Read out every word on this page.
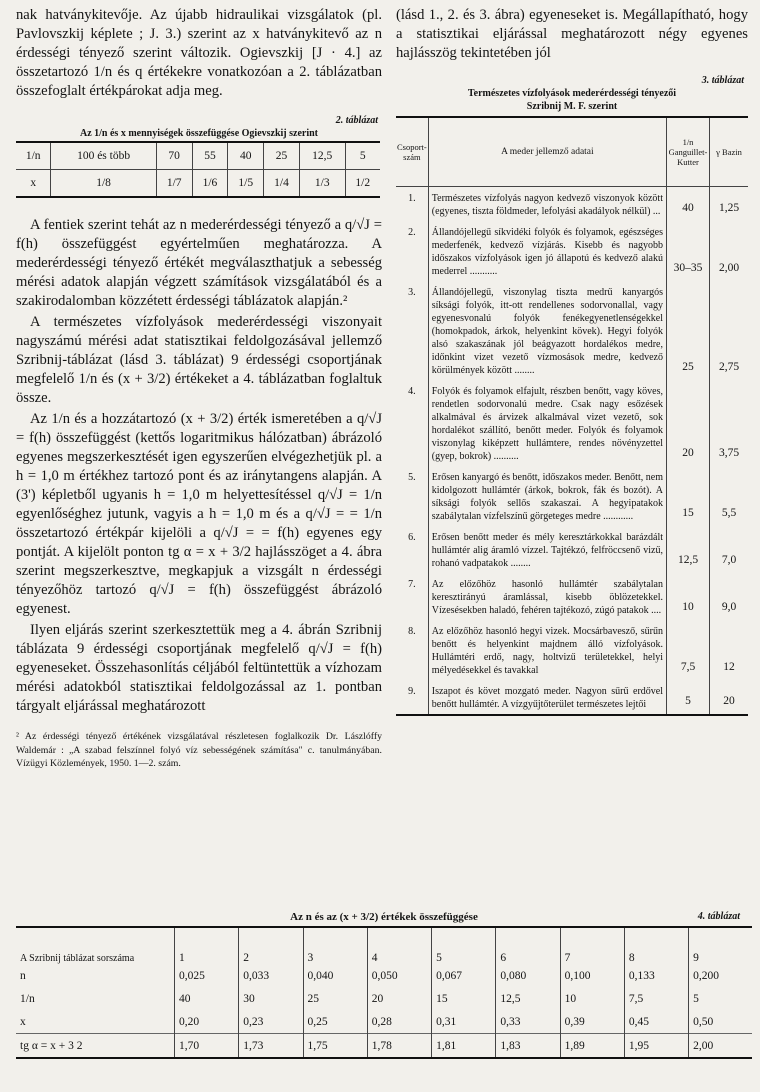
nak hatványkitevője. Az újabb hidraulikai vizsgálatok (pl. Pavlovszkij képlete ; J. 3.) szerint az x hatványkitevő az n érdességi tényező szerint változik. Ogievszkij [J · 4.] az összetartozó 1/n és q értékekre vonatkozóan a 2. táblázatban összefoglalt értékpárokat adja meg.

2. táblázat
Az 1/n és x mennyiségek összefüggése Ogievszkij szerint
1/n	100 és több	70	55	40	25	12,5	5
x	1/8	1/7	1/6	1/5	1/4	1/3	1/2

A fentiek szerint tehát az n mederérdességi tényező a q/√J = f(h) összefüggést egyértelműen meghatározza. A mederérdességi tényező értékét megválaszthatjuk a sebesség mérési adatok alapján végzett számítások vizsgálatából és a szakirodalomban közzétett érdességi táblázatok alapján.²

A természetes vízfolyások mederérdességi viszonyait nagyszámú mérési adat statisztikai feldolgozásával jellemző Szribnij-táblázat (lásd 3. táblázat) 9 érdességi csoportjának megfelelő 1/n és (x + 3/2) értékeket a 4. táblázatban foglaltuk össze.

Az 1/n és a hozzátartozó (x + 3/2) érték ismeretében a q/√J = f(h) összefüggést (kettős logaritmikus hálózatban) ábrázoló egyenes megszerkesztését igen egyszerűen elvégezhetjük pl. a h = 1,0 m értékhez tartozó pont és az iránytangens alapján. A (3') képletből ugyanis h = 1,0 m helyettesítéssel q/√J = 1/n egyenlőséghez jutunk, vagyis a h = 1,0 m és a q/√J = = 1/n összetartozó értékpár kijelöli a q/√J = = f(h) egyenes egy pontját. A kijelölt ponton tg α = x + 3/2 hajlásszöget a 4. ábra szerint megszerkesztve, megkapjuk a vizsgált n érdességi tényezőhöz tartozó q/√J = f(h) összefüggést ábrázoló egyenest.

Ilyen eljárás szerint szerkesztettük meg a 4. ábrán Szribnij táblázata 9 érdességi csoportjának megfelelő q/√J = f(h) egyeneseket. Összehasonlítás céljából feltüntettük a vízhozam mérési adatokból statisztikai feldolgozással az 1. pontban tárgyalt eljárással meghatározott

² Az érdességi tényező értékének vizsgálatával részletesen foglalkozik Dr. Lászlóffy Waldemár : „A szabad felszínnel folyó víz sebességének számítása" c. tanulmányában. Vízügyi Közlemények, 1950. 1—2. szám.

(lásd 1., 2. és 3. ábra) egyeneseket is. Megállapítható, hogy a statisztikai eljárással meghatározott négy egyenes hajlásszög tekintetében jól

3. táblázat
Természetes vízfolyások mederérdességi tényezői
Szribnij M. F. szerint
Csoport-szám	A meder jellemző adatai	1/n Ganguillet-Kutter	γ Bazin
1.	Természetes vízfolyás nagyon kedvező viszonyok között (egyenes, tiszta földmeder, lefolyási akadályok nélkül) ...	40	1,25
2.	Állandójellegű síkvidéki folyók és folyamok, egészséges mederfenék, kedvező vízjárás. Kisebb és nagyobb időszakos vízfolyások igen jó állapotú és kedvező alakú mederrel ...........	30–35	2,00
3.	Állandójellegű, viszonylag tiszta medrű kanyargós síksági folyók, itt-ott rendellenes sodorvonallal, vagy egyenesvonalú folyók fenékegyenetlenségekkel (homokpadok, árkok, helyenkint kövek). Hegyi folyók alsó szakaszának jól beágyazott hordalékos medre, időnkint vizet vezető vízmosások medre, kedvező körülmények között ........	25	2,75
4.	Folyók és folyamok elfajult, részben benőtt, vagy köves, rendetlen sodorvonalú medre. Csak nagy esőzések alkalmával és árvizek alkalmával vizet vezető, sok hordalékot szállító, benőtt meder. Folyók és folyamok viszonylag kiképzett hullámtere, rendes növényzettel (gyep, bokrok) ..........	20	3,75
5.	Erősen kanyargó és benőtt, időszakos meder. Benőtt, nem kidolgozott hullámtér (árkok, bokrok, fák és bozót). A síksági folyók sellős szakaszai. A hegyipatakok szabálytalan vízfelszínű görgeteges medre ............	15	5,5
6.	Erősen benőtt meder és mély keresztárkokkal barázdált hullámtér alig áramló vízzel. Tajtékzó, felfröccsenő vizű, rohanó vadpatakok ........	12,5	7,0
7.	Az előzőhöz hasonló hullámtér szabálytalan keresztirányú áramlással, kisebb öblözetekkel. Vízesésekben haladó, fehéren tajtékozó, zúgó patakok ....	10	9,0
8.	Az előzőhöz hasonló hegyi vizek. Mocsárbavesző, sűrűn benőtt és helyenkint majdnem álló vízfolyások. Hullámtéri erdő, nagy, holtvizű területekkel, helyi mélyedésekkel és tavakkal	7,5	12
9.	Iszapot és követ mozgató meder. Nagyon sűrű erdővel benőtt hullámtér. A vízgyűjtőterület természetes lejtői	5	20
Az n és az (x + 3/2) értékek összefüggése	4. táblázat
A Szribnij táblázat sorszáma	1	2	3	4	5	6	7	8	9
n	0,025	0,033	0,040	0,050	0,067	0,080	0,100	0,133	0,200
1/n	40	30	25	20	15	12,5	10	7,5	5
x	0,20	0,23	0,25	0,28	0,31	0,33	0,39	0,45	0,50
tg α = x + 3 2	1,70	1,73	1,75	1,78	1,81	1,83	1,89	1,95	2,00
